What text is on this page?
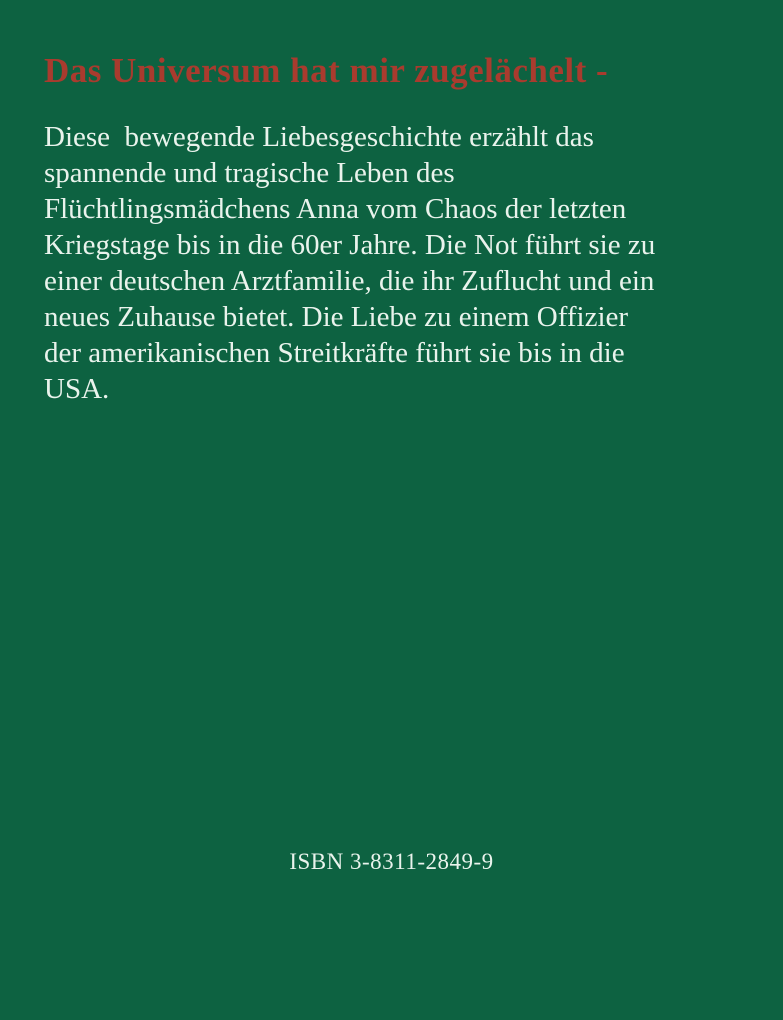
Das Universum hat mir zugelächelt -
Diese  bewegende Liebesgeschichte erzählt das
spannende und tragische Leben des
Flüchtlingsmädchens Anna vom Chaos der letzten
Kriegstage bis in die 60er Jahre. Die Not führt sie zu
einer deutschen Arztfamilie, die ihr Zuflucht und ein
neues Zuhause bietet. Die Liebe zu einem Offizier
der amerikanischen Streitkräfte führt sie bis in die
USA.
ISBN 3-8311-2849-9
